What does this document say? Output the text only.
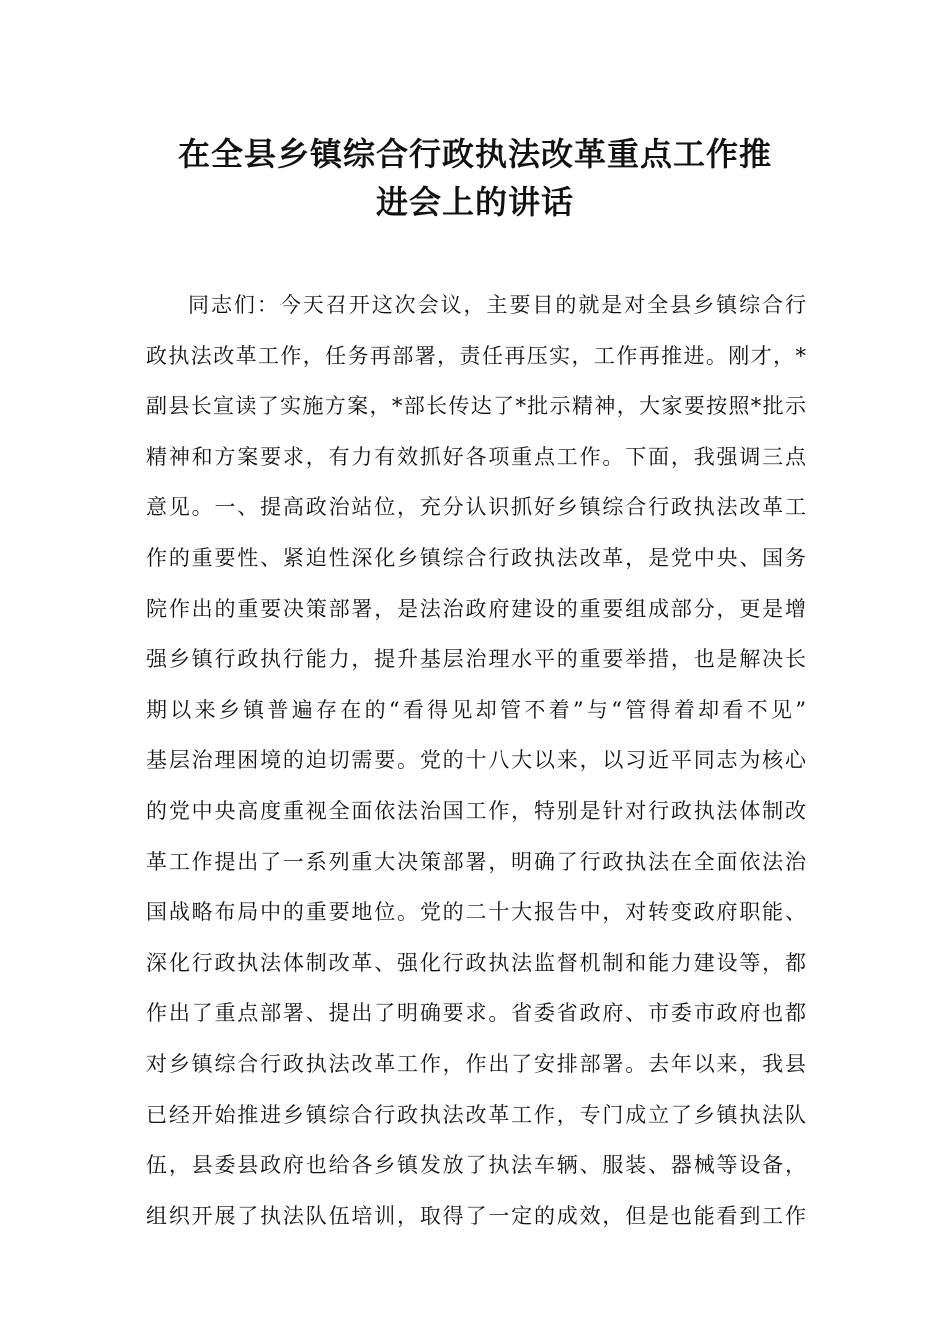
在全县乡镇综合行政执法改革重点工作推
进会上的讲话
同志们：今天召开这次会议，主要目的就是对全县乡镇综合行
政执法改革工作，任务再部署，责任再压实，工作再推进。刚才，*
副县长宣读了实施方案，*部长传达了*批示精神，大家要按照*批示
精神和方案要求，有力有效抓好各项重点工作。下面，我强调三点
意见。一、提高政治站位，充分认识抓好乡镇综合行政执法改革工
作的重要性、紧迫性深化乡镇综合行政执法改革，是党中央、国务
院作出的重要决策部署，是法治政府建设的重要组成部分，更是增
强乡镇行政执行能力，提升基层治理水平的重要举措，也是解决长
期以来乡镇普遍存在的“看得见却管不着”与“管得着却看不见”
基层治理困境的迫切需要。党的十八大以来，以习近平同志为核心
的党中央高度重视全面依法治国工作，特别是针对行政执法体制改
革工作提出了一系列重大决策部署，明确了行政执法在全面依法治
国战略布局中的重要地位。党的二十大报告中，对转变政府职能、
深化行政执法体制改革、强化行政执法监督机制和能力建设等，都
作出了重点部署、提出了明确要求。省委省政府、市委市政府也都
对乡镇综合行政执法改革工作，作出了安排部署。去年以来，我县
已经开始推进乡镇综合行政执法改革工作，专门成立了乡镇执法队
伍，县委县政府也给各乡镇发放了执法车辆、服装、器械等设备，
组织开展了执法队伍培训，取得了一定的成效，但是也能看到工作
